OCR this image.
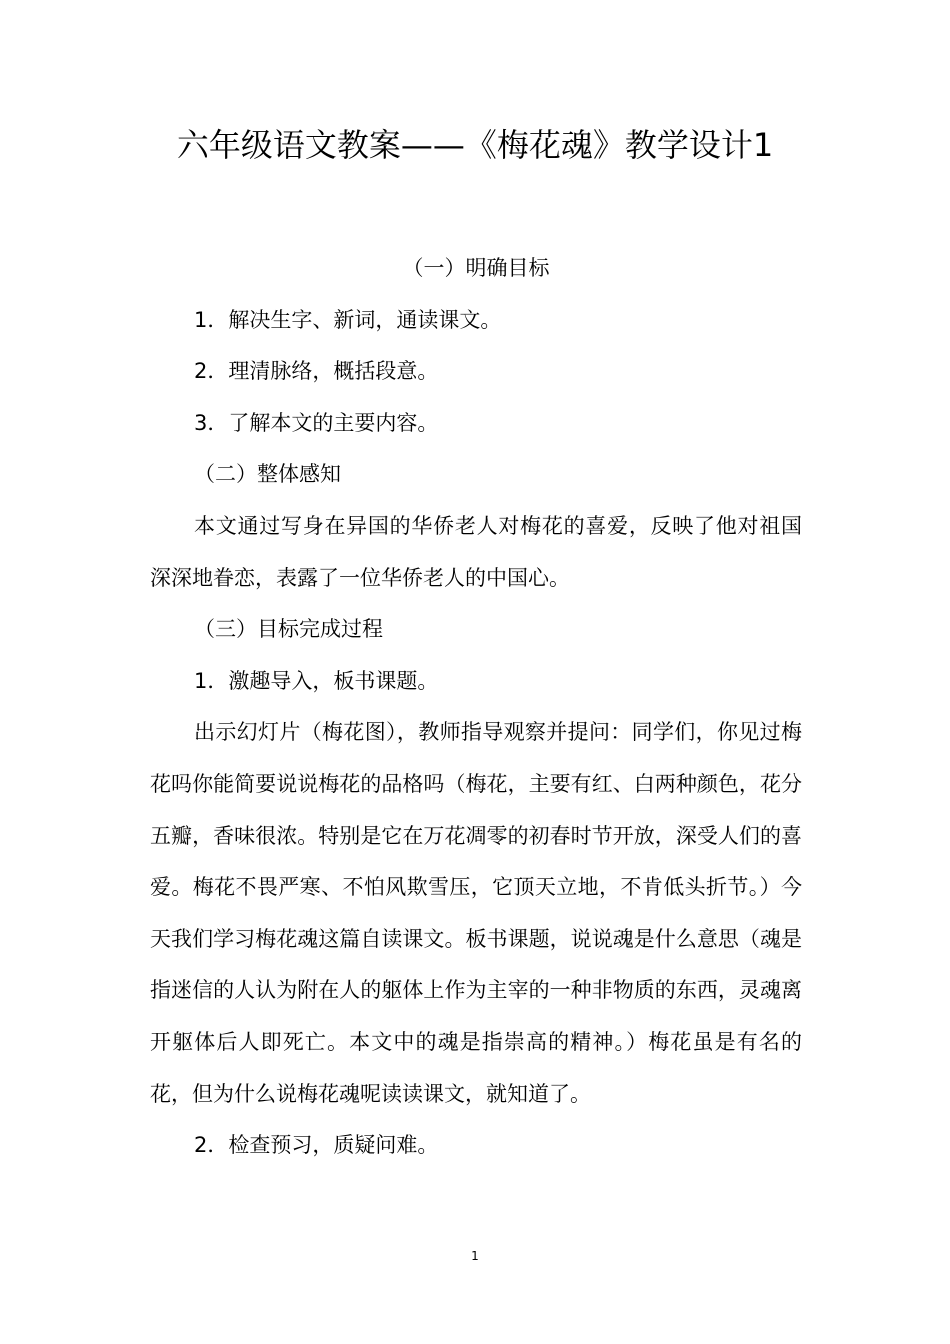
六年级语文教案——《梅花魂》教学设计1

（一）明确目标

1．解决生字、新词，通读课文。

2．理清脉络，概括段意。

3．了解本文的主要内容。

（二）整体感知

本文通过写身在异国的华侨老人对梅花的喜爱，反映了他对祖国深深地眷恋，表露了一位华侨老人的中国心。

（三）目标完成过程

1．激趣导入，板书课题。

出示幻灯片（梅花图），教师指导观察并提问：同学们，你见过梅花吗你能简要说说梅花的品格吗（梅花，主要有红、白两种颜色，花分五瓣，香味很浓。特别是它在万花凋零的初春时节开放，深受人们的喜爱。梅花不畏严寒、不怕风欺雪压，它顶天立地，不肯低头折节。）今天我们学习梅花魂这篇自读课文。板书课题，说说魂是什么意思（魂是指迷信的人认为附在人的躯体上作为主宰的一种非物质的东西，灵魂离开躯体后人即死亡。本文中的魂是指崇高的精神。）梅花虽是有名的花，但为什么说梅花魂呢读读课文，就知道了。

2．检查预习，质疑问难。

1
